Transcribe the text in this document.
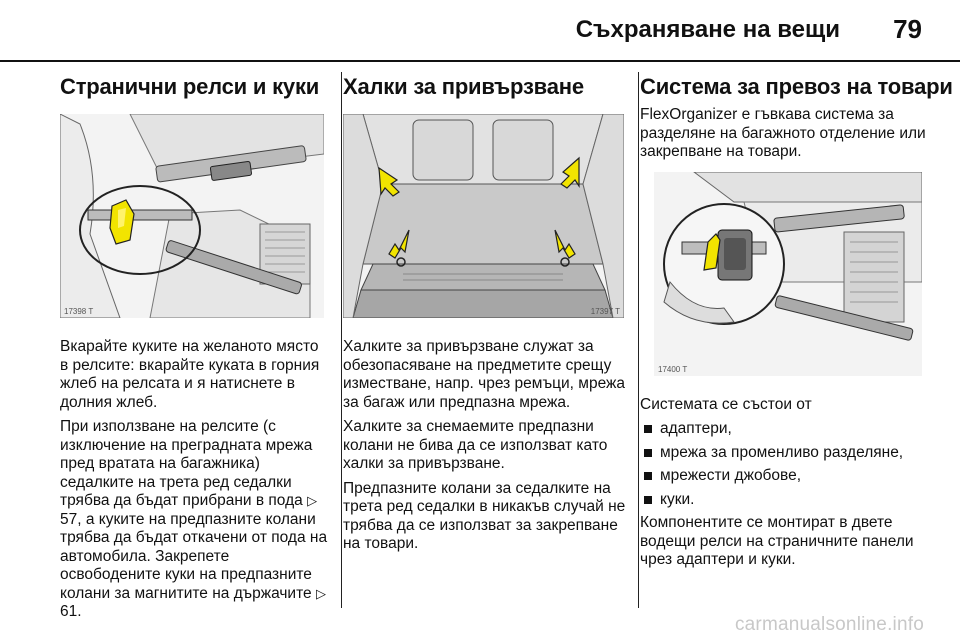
Съхраняване на вещи 79
Странични релси и куки
17398 T

Вкарайте куките на желаното място в релсите: вкарайте куката в горния жлеб на релсата и я натиснете в долния жлеб.

При използване на релсите (с изключение на преградната мрежа пред вратата на багажника) седалките на трета ред седалки трябва да бъдат прибрани в пода ▷57, а куките на предпазните колани трябва да бъдат откачени от пода на автомобила. Закрепете освободените куки на предпазните колани за магнитите на държачите ▷61.

Халки за привързване
17397 T

Халките за привързване служат за обезопасяване на предметите срещу изместване, напр. чрез ремъци, мрежа за багаж или предпазна мрежа.

Халките за снемаемите предпазни колани не бива да се използват като халки за привързване.

Предпазните колани за седалките на трета ред седалки в никакъв случай не трябва да се използват за закрепване на товари.

Система за превоз на товари

FlexOrganizer е гъвкава система за разделяне на багажното отделение или закрепване на товари.

17400 T

Системата се състои от

адаптери,
мрежа за променливо разделяне,
мрежести джобове,
куки.

Компонентите се монтират в двете водещи релси на страничните панели чрез адаптери и куки.

carmanualsonline.info
